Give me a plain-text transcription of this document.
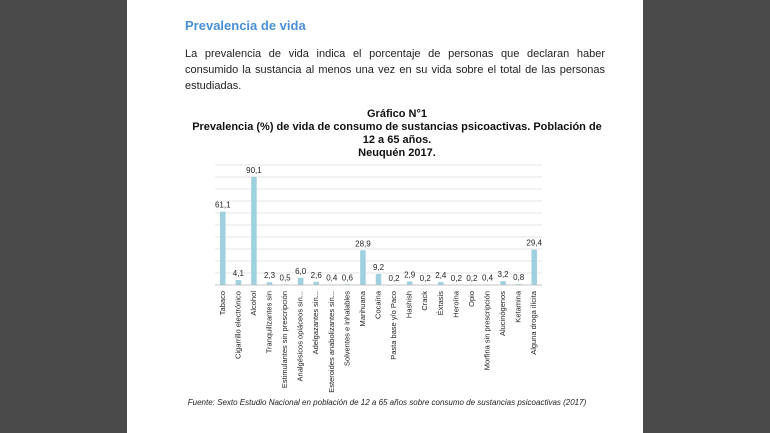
Prevalencia de vida
La prevalencia de vida indica el porcentaje de personas que declaran haber consumido la sustancia al menos una vez en su vida sobre el total de las personas estudiadas.
Gráfico N°1
Prevalencia (%) de vida de consumo de sustancias psicoactivas. Población de
12 a 65 años.
Neuquén 2017.
61,1
Tabaco
4,1
Cigarrillo electrónico
90,1
Alcohol
2,3
Tranquilizantes sin
0,5
Estimulantes sin prescripción
6,0
Analgésicos opiáceos sin...
2,6
Adelgazantes sin...
0,4
Esteroides anabolizantes sin...
0,6
Solventes e inhalables
28,9
Marihuana
9,2
Cocaína
0,2
Pasta base y/o Paco
2,9
Hashish
0,2
Crack
2,4
Éxtasis
0,2
Heroína
0,2
Opio
0,4
Morfina sin prescripción
3,2
Alucinógenos
0,8
Ketamina
29,4
Alguna droga ilícita
Fuente: Sexto Estudio Nacional en población de 12 a 65 años sobre consumo de sustancias psicoactivas (2017)
